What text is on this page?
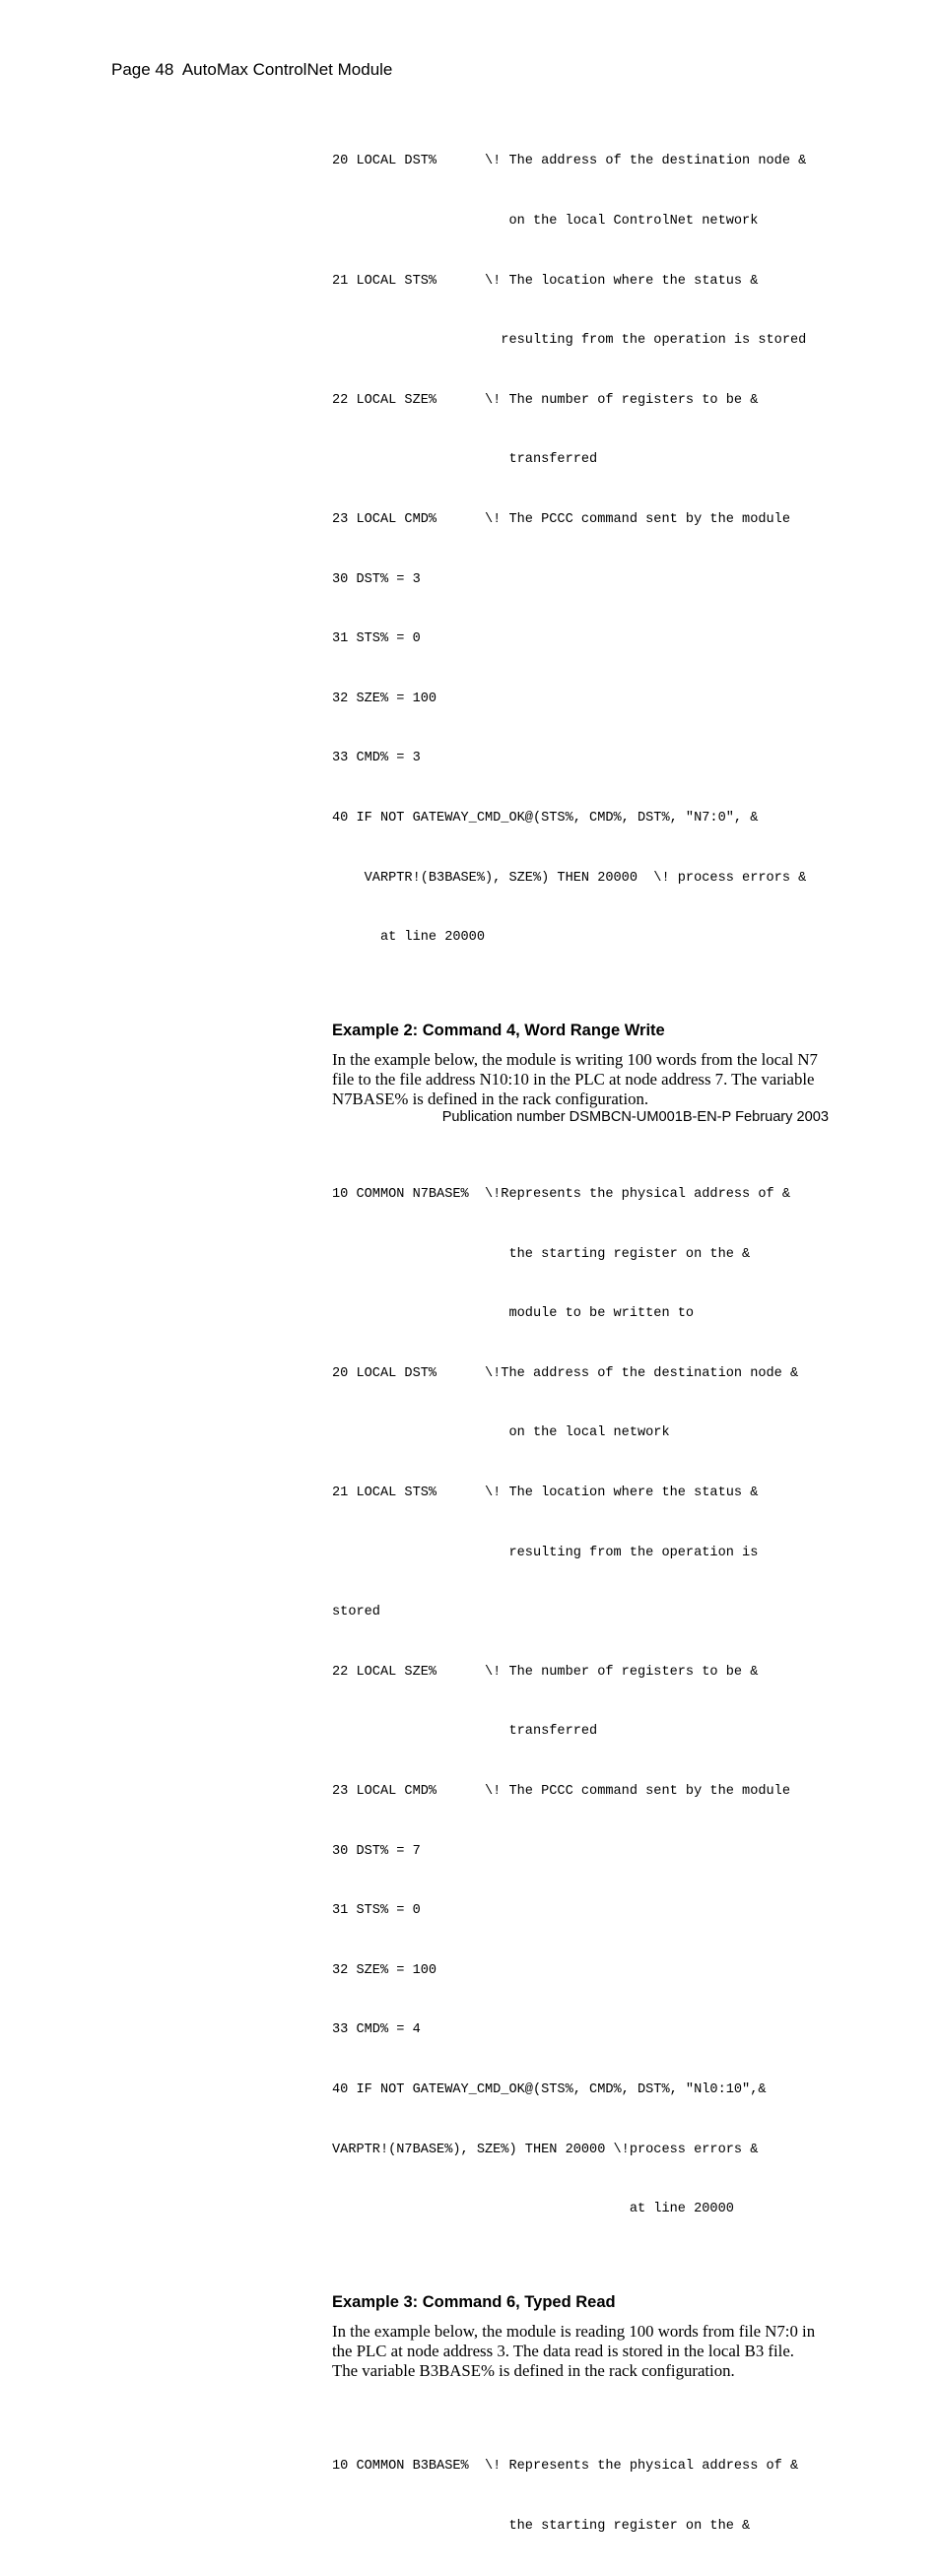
Page 48  AutoMax ControlNet Module

20 LOCAL DST%      \! The address of the destination node &

on the local ControlNet network

21 LOCAL STS%      \! The location where the status &

resulting from the operation is stored

22 LOCAL SZE%      \! The number of registers to be &

transferred

23 LOCAL CMD%      \! The PCCC command sent by the module

30 DST% = 3

31 STS% = 0

32 SZE% = 100

33 CMD% = 3

40 IF NOT GATEWAY_CMD_OK@(STS%, CMD%, DST%, "N7:0", &

VARPTR!(B3BASE%), SZE%) THEN 20000  \! process errors &

at line 20000

Example 2: Command 4, Word Range Write
In the example below, the module is writing 100 words from the local N7
file to the file address N10:10 in the PLC at node address 7. The variable
N7BASE% is defined in the rack configuration.

10 COMMON N7BASE%  \!Represents the physical address of &

the starting register on the &

module to be written to

20 LOCAL DST%      \!The address of the destination node &

on the local network

21 LOCAL STS%      \! The location where the status &

resulting from the operation is

stored

22 LOCAL SZE%      \! The number of registers to be &

transferred

23 LOCAL CMD%      \! The PCCC command sent by the module

30 DST% = 7

31 STS% = 0

32 SZE% = 100

33 CMD% = 4

40 IF NOT GATEWAY_CMD_OK@(STS%, CMD%, DST%, "Nl0:10",&

VARPTR!(N7BASE%), SZE%) THEN 20000 \!process errors &

at line 20000

Example 3: Command 6, Typed Read
In the example below, the module is reading 100 words from file N7:0 in
the PLC at node address 3. The data read is stored in the local B3 file.
The variable B3BASE% is defined in the rack configuration.

10 COMMON B3BASE%  \! Represents the physical address of &

the starting register on the &

Publication number DSMBCN-UM001B-EN-P February 2003
